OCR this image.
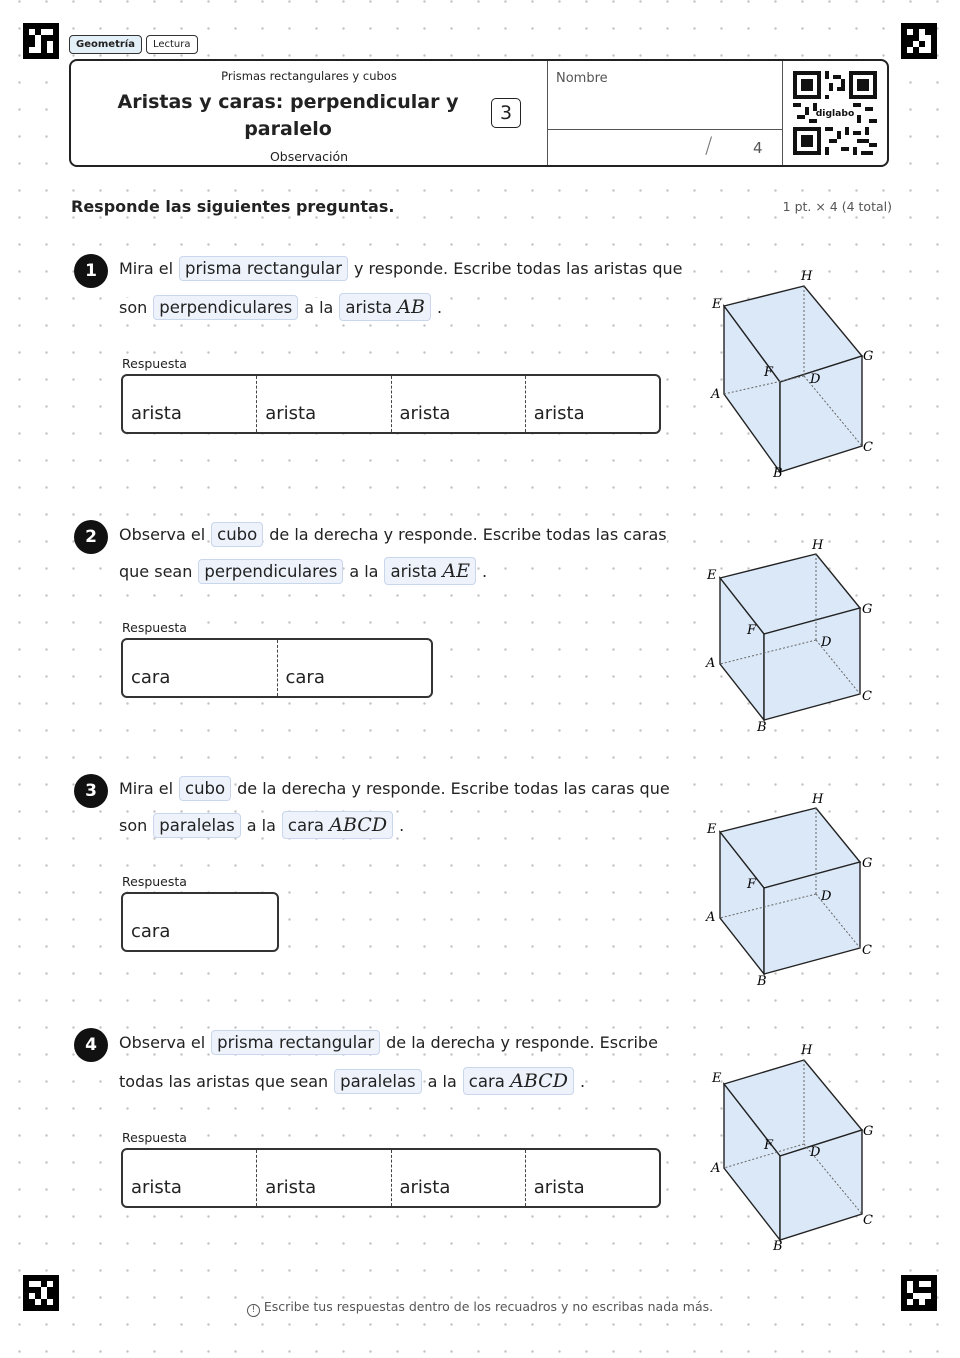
Geometría	Lectura
Prismas rectangulares y cubos
Aristas y caras: perpendicular y paralelo
Observación
3
Nombre
/	4
diglabo
Responde las siguientes preguntas.	1 pt. × 4 (4 total)
1	Mira el prisma rectangular y responde. Escribe todas las aristas que
son perpendiculares a la arista AB .
Respuesta
arista	arista	arista	arista
A
B
C
D
E
F
G
H
2	Observa el cubo de la derecha y responde. Escribe todas las caras
que sean perpendiculares a la arista AE .
Respuesta
cara	cara
A
B
C
D
E
F
G
H
3	Mira el cubo de la derecha y responde. Escribe todas las caras que
son paralelas a la cara ABCD .
Respuesta
cara
A
B
C
D
E
F
G
H
4	Observa el prisma rectangular de la derecha y responde. Escribe
todas las aristas que sean paralelas a la cara ABCD .
Respuesta
arista	arista	arista	arista
A
B
C
D
E
F
G
H
! Escribe tus respuestas dentro de los recuadros y no escribas nada más.
